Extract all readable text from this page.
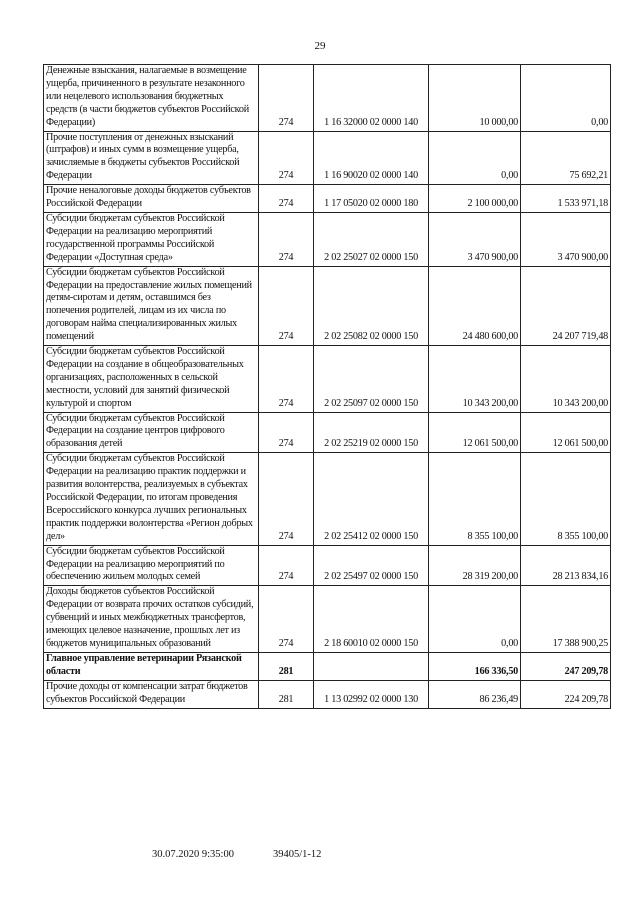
29
Денежные взыскания, налагаемые в возмещение ущерба, причиненного в результате незаконного или нецелевого использования бюджетных средств (в части бюджетов субъектов Российской Федерации)	274	1 16 32000 02 0000 140	10 000,00	0,00
Прочие поступления от денежных взысканий (штрафов) и иных сумм в возмещение ущерба, зачисляемые в бюджеты субъектов Российской Федерации	274	1 16 90020 02 0000 140	0,00	75 692,21
Прочие неналоговые доходы бюджетов субъектов Российской Федерации	274	1 17 05020 02 0000 180	2 100 000,00	1 533 971,18
Субсидии бюджетам субъектов Российской Федерации на реализацию мероприятий государственной программы Российской Федерации «Доступная среда»	274	2 02 25027 02 0000 150	3 470 900,00	3 470 900,00
Субсидии бюджетам субъектов Российской Федерации на предоставление жилых помещений детям-сиротам и детям, оставшимся без попечения родителей, лицам из их числа по договорам найма специализированных жилых помещений	274	2 02 25082 02 0000 150	24 480 600,00	24 207 719,48
Субсидии бюджетам субъектов Российской Федерации на создание в общеобразовательных организациях, расположенных в сельской местности, условий для занятий физической культурой и спортом	274	2 02 25097 02 0000 150	10 343 200,00	10 343 200,00
Субсидии бюджетам субъектов Российской Федерации на создание центров цифрового образования детей	274	2 02 25219 02 0000 150	12 061 500,00	12 061 500,00
Субсидии бюджетам субъектов Российской Федерации на реализацию практик поддержки и развития волонтерства, реализуемых в субъектах Российской Федерации, по итогам проведения Всероссийского конкурса лучших региональных практик поддержки волонтерства «Регион добрых дел»	274	2 02 25412 02 0000 150	8 355 100,00	8 355 100,00
Субсидии бюджетам субъектов Российской Федерации на реализацию мероприятий по обеспечению жильем молодых семей	274	2 02 25497 02 0000 150	28 319 200,00	28 213 834,16
Доходы бюджетов субъектов Российской Федерации от возврата прочих остатков субсидий, субвенций и иных межбюджетных трансфертов, имеющих целевое назначение, прошлых лет из бюджетов муниципальных образований	274	2 18 60010 02 0000 150	0,00	17 388 900,25
Главное управление ветеринарии Рязанской области	281		166 336,50	247 209,78
Прочие доходы от компенсации затрат бюджетов субъектов Российской Федерации	281	1 13 02992 02 0000 130	86 236,49	224 209,78
30.07.2020 9:35:00	39405/1-12
